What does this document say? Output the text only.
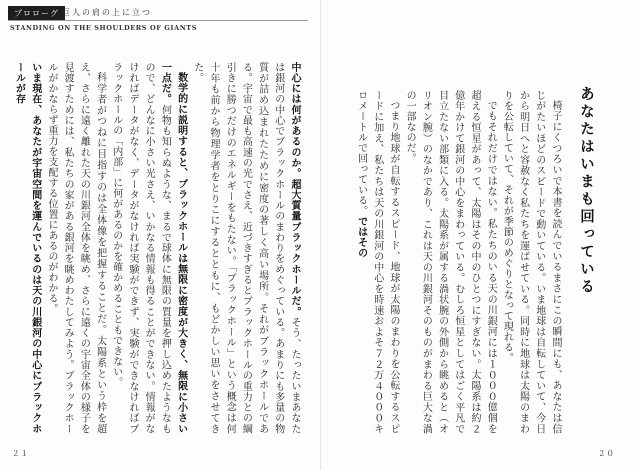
プロローグ 巨人の肩の上に立つ
STANDING ON THE SHOULDERS OF GIANTS

中心には何があるのか。超大質量ブラックホールだ。そう、たったいまあなたは銀河の中心でブラックホールのまわりをめぐっている。あまりにも多量の物質が詰め込まれたために密度の著しく高い場所。それがブラックホールである。宇宙で最も高速の光でさえ、近づきすぎるとブラックホールの重力との綱引きに勝つだけのエネルギーをもたない。「ブラックホール」という概念は何十年も前から物理学者をとりこにするとともに、もどかしい思いをさせてきた。

数学的に説明すると、ブラックホールは無限に密度が大きく、無限に小さい一点だ。何物も知らぬような、まるで球体に無限の質量を押し込めたようなもので、どんなに小さい光さえ、いかなる情報も得ることができない。情報がなければデータがなく、データがなければ実験ができず、実験ができなければブラックホールの「内部」に何があるのかを確かめることもできない。

科学者がつねに目指すのは全体像を把握することだ。太陽系という枠を超え、さらに遠く離れた天の川銀河全体を眺め、さらに遠くの宇宙全体の様子を見渡すためには、私たちの家がある銀河を眺めわたしてみよう。ブラックホールがかならず重力を支配する位置にあるのがわかる。

いま現在、あなたが宇宙空間を運んでいるのは天の川銀河の中心にブラックホールが存

２１
あなたはいまも回っている

椅子にくつろいで本書を読んでいるまさにこの瞬間にも、あなたは信じがたいほどのスピードで動いている。いま地球は自転していて、今日から明日へと容赦なく私たちを運ばせている。同時に地球は太陽のまわりを公転していて、それが季節のめぐりとなって現れる。

でもそれだけではない。私たちのいる天の川銀河には１０００億個を超える恒星があって、太陽はその中のひとつにすぎない。太陽系は約２億年かけて銀河の中心をまわっている。むしろ恒星としてはごく平凡で目立たない部類に入る。太陽系が属する渦状腕の外側から眺めると（オリオン腕）のなかであり、これは天の川銀河そのものがまわる巨大な渦の一部なのだ。

つまり地球が自転するスピード、地球が太陽のまわりを公転するスピードに加え、私たちは天の川銀河の中心を時速およそ７２万４０００キロメートルで回っている。ではその

２０
